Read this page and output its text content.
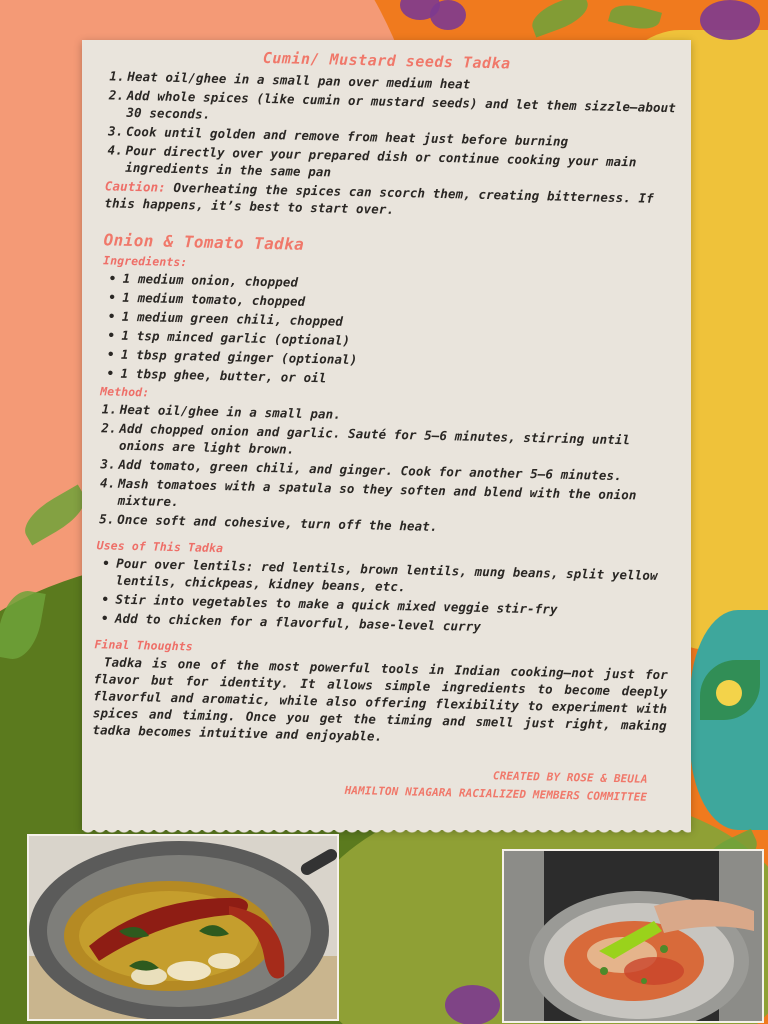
Cumin/ Mustard seeds Tadka
1. Heat oil/ghee in a small pan over medium heat
2. Add whole spices (like cumin or mustard seeds) and let them sizzle—about 30 seconds.
3. Cook until golden and remove from heat just before burning
4. Pour directly over your prepared dish or continue cooking your main ingredients in the same pan
Caution: Overheating the spices can scorch them, creating bitterness. If this happens, it’s best to start over.
Onion & Tomato Tadka
Ingredients:
• 1 medium onion, chopped
• 1 medium tomato, chopped
• 1 medium green chili, chopped
• 1 tsp minced garlic (optional)
• 1 tbsp grated ginger (optional)
• 1 tbsp ghee, butter, or oil
Method:
1. Heat oil/ghee in a small pan.
2. Add chopped onion and garlic. Sauté for 5–6 minutes, stirring until onions are light brown.
3. Add tomato, green chili, and ginger. Cook for another 5–6 minutes.
4. Mash tomatoes with a spatula so they soften and blend with the onion mixture.
5. Once soft and cohesive, turn off the heat.
Uses of This Tadka
• Pour over lentils: red lentils, brown lentils, mung beans, split yellow lentils, chickpeas, kidney beans, etc.
• Stir into vegetables to make a quick mixed veggie stir-fry
• Add to chicken for a flavorful, base-level curry
Final Thoughts
Tadka is one of the most powerful tools in Indian cooking—not just for flavor but for identity. It allows simple ingredients to become deeply flavorful and aromatic, while also offering flexibility to experiment with spices and timing. Once you get the timing and smell just right, making tadka becomes intuitive and enjoyable.
CREATED BY ROSE & BEULA
HAMILTON NIAGARA RACIALIZED MEMBERS COMMITTEE
